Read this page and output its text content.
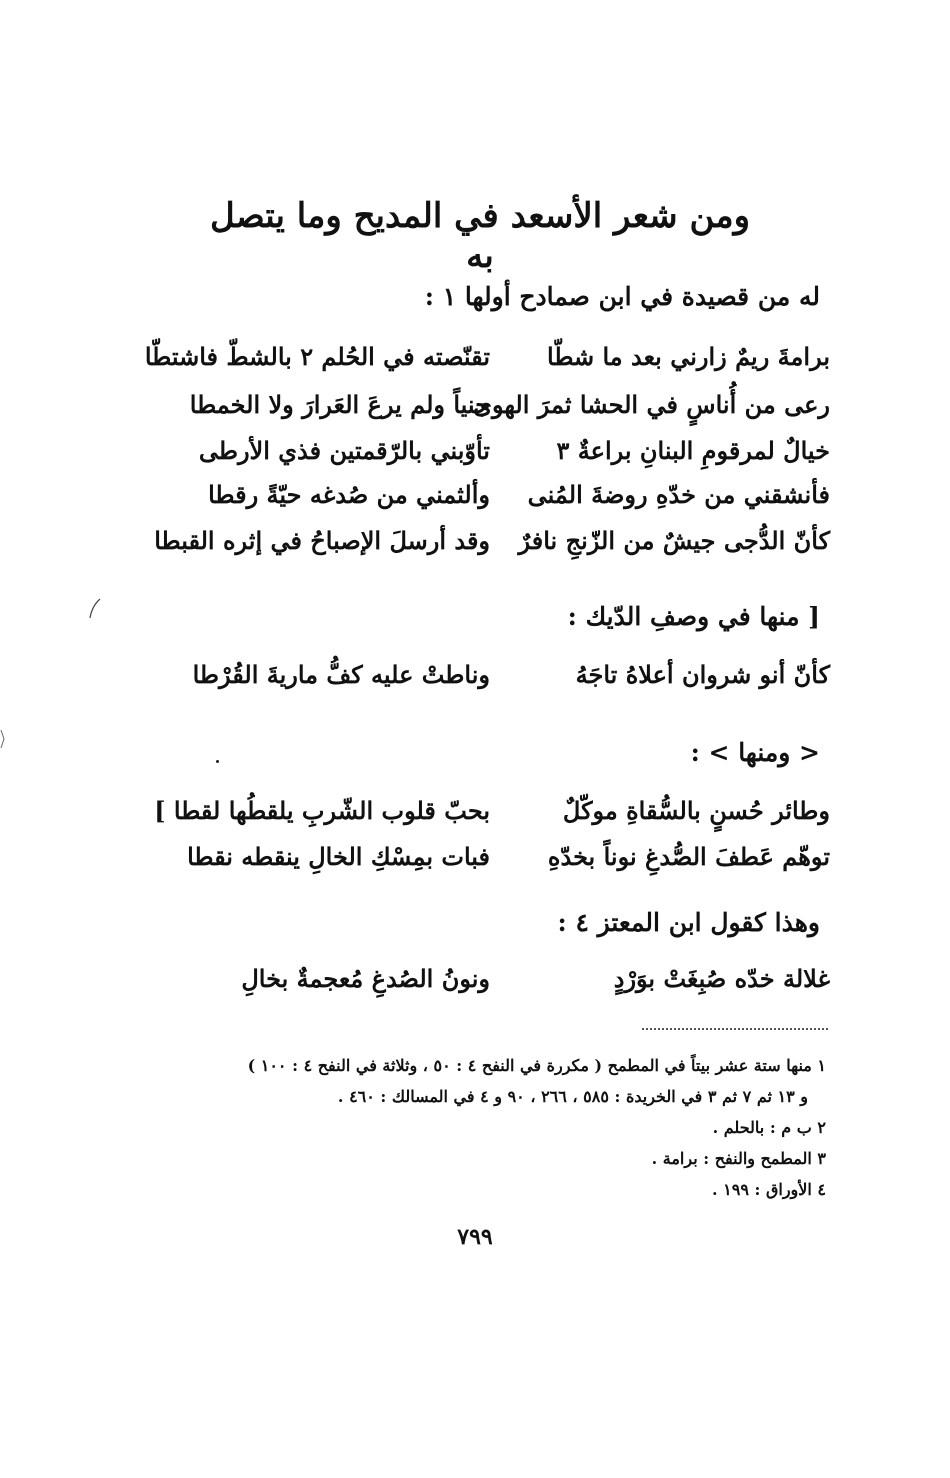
ومن شعر الأسعد في المديح وما يتصل به
له من قصيدة في ابن صمادح أولها ١ :
برامةَ ريمٌ زارني بعد ما شطّا
تقنّصته في الحُلم ٢ بالشطّ فاشتطّا
رعى من أُناسٍ في الحشا ثمرَ الهوى
جنياً ولم يرعَ العَرارَ ولا الخمطا
خيالٌ لمرقومِ البنانِ براعةٌ ٣
تأوّبني بالرّقمتين فذي الأرطى
فأنشقني من خدّهِ روضةَ المُنى
وألثمني من صُدغه حيّةً رقطا
كأنّ الدُّجى جيشٌ من الزّنجِ نافرٌ
وقد أرسلَ الإصباحُ في إثره القبطا
[ منها في وصفِ الدّيك :
كأنّ أنو شروان أعلاهُ تاجَهُ
وناطتْ عليه كفُّ ماريةَ القُرْطا
< ومنها > :
وطائر حُسنٍ بالسُّقاةِ موكّلٌ
بحبّ قلوب الشّربِ يلقطُها لقطا ]
توهّم عَطفَ الصُّدغِ نوناً بخدّهِ
فبات بمِسْكِ الخالِ ينقطه نقطا
وهذا كقول ابن المعتز ٤ :
غلالة خدّه صُبِغَتْ بوَرْدٍ
ونونُ الصُدغِ مُعجمةٌ بخالِ
١ منها ستة عشر بيتاً في المطمح ( مكررة في النفح ٤ : ٥٠ ، وثلاثة في النفح ٤ : ١٠٠ )
و ١٣ ثم ٧ ثم ٣ في الخريدة : ٥٨٥ ، ٢٦٦ ، ٩٠ و ٤ في المسالك : ٤٦٠ .
٢ ب م : بالحلم .
٣ المطمح والنفح : برامة .
٤ الأوراق : ١٩٩ .
٧٩٩
